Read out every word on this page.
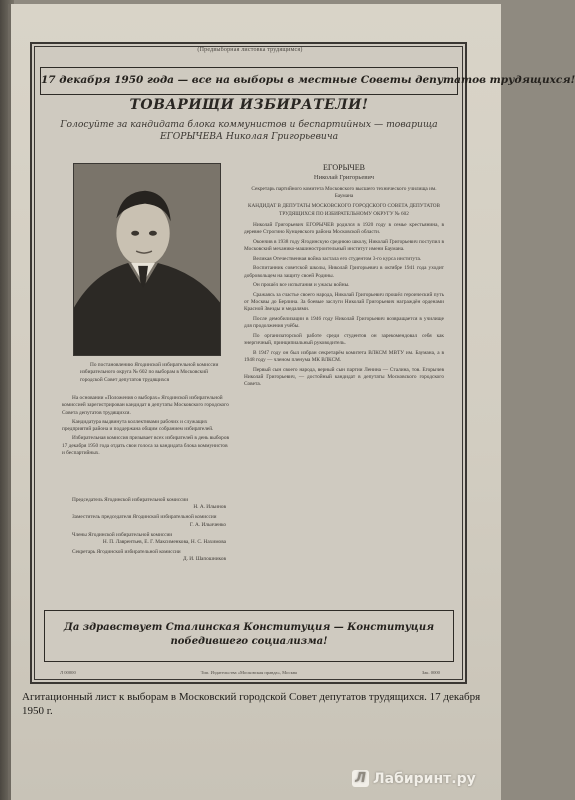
(Предвыборная листовка трудящимся)
17 декабря 1950 года — все на выборы в местные Советы депутатов трудящихся!
ТОВАРИЩИ ИЗБИРАТЕЛИ!
Голосуйте за кандидата блока коммунистов и беспартийных — товарища ЕГОРЫЧЕВА Николая Григорьевича
По постановлению Ягодинской избирательной комиссии избирательного округа № 602 по выборам в Московский городской Совет депутатов трудящихся

На основании «Положения о выборах» Ягодинской избирательной комиссией зарегистрирован кандидат в депутаты Московского городского Совета депутатов трудящихся.

Кандидатура выдвинута коллективами рабочих и служащих предприятий района и поддержана общим собранием избирателей.

Избирательная комиссия призывает всех избирателей в день выборов 17 декабря 1950 года отдать свои голоса за кандидата блока коммунистов и беспартийных.

Председатель Ягодинской избирательной комиссии
Н. А. Ильинов
Заместитель председателя Ягодинской избирательной комиссии
Г. А. Ильиченко
Члены Ягодинской избирательной комиссии
Н. П. Лаврентьев, Е. Г. Максименкова, Н. С. Нахимова
Секретарь Ягодинской избирательной комиссии
Д. И. Шапошников
ЕГОРЫЧЕВ
Николай Григорьевич
Секретарь партийного комитета Московского высшего технического училища им. Баумана
КАНДИДАТ В ДЕПУТАТЫ МОСКОВСКОГО ГОРОДСКОГО СОВЕТА ДЕПУТАТОВ ТРУДЯЩИХСЯ ПО ИЗБИРАТЕЛЬНОМУ ОКРУГУ № 602

Николай Григорьевич ЕГОРЫЧЕВ родился в 1920 году в семье крестьянина, в деревне Строгино Кунцевского района Московской области.

Окончив в 1938 году Ягодинскую среднюю школу, Николай Григорьевич поступил в Московский механико-машиностроительный институт имени Баумана.

Великая Отечественная война застала его студентом 3-го курса института.

Воспитанник советской школы, Николай Григорьевич в октябре 1941 года уходит добровольцем на защиту своей Родины.

Он прошёл все испытания и ужасы войны.

Сражаясь за счастье своего народа, Николай Григорьевич прошёл героический путь от Москвы до Берлина. За боевые заслуги Николай Григорьевич награждён орденами Красной Звезды и медалями.

После демобилизации в 1946 году Николай Григорьевич возвращается в училище для продолжения учёбы.

По организаторской работе среди студентов он зарекомендовал себя как энергичный, принципиальный руководитель.

В 1947 году он был избран секретарём комитета ВЛКСМ МВТУ им. Баумана, а в 1948 году — членом пленума МК ВЛКСМ.

Первый сын своего народа, верный сын партии Ленина — Сталина, тов. Егорычев Николай Григорьевич, — достойный кандидат в депутаты Московского городского Совета.

Да здравствует Сталинская Конституция — Конституция победившего социализма!
Л 00000	Тип. Издательства «Московская правда», Москва	Зак. 0000
Агитационный лист к выборам в Московский городской Совет депутатов трудящихся. 17 декабря 1950 г.
Л Лабиринт.ру
